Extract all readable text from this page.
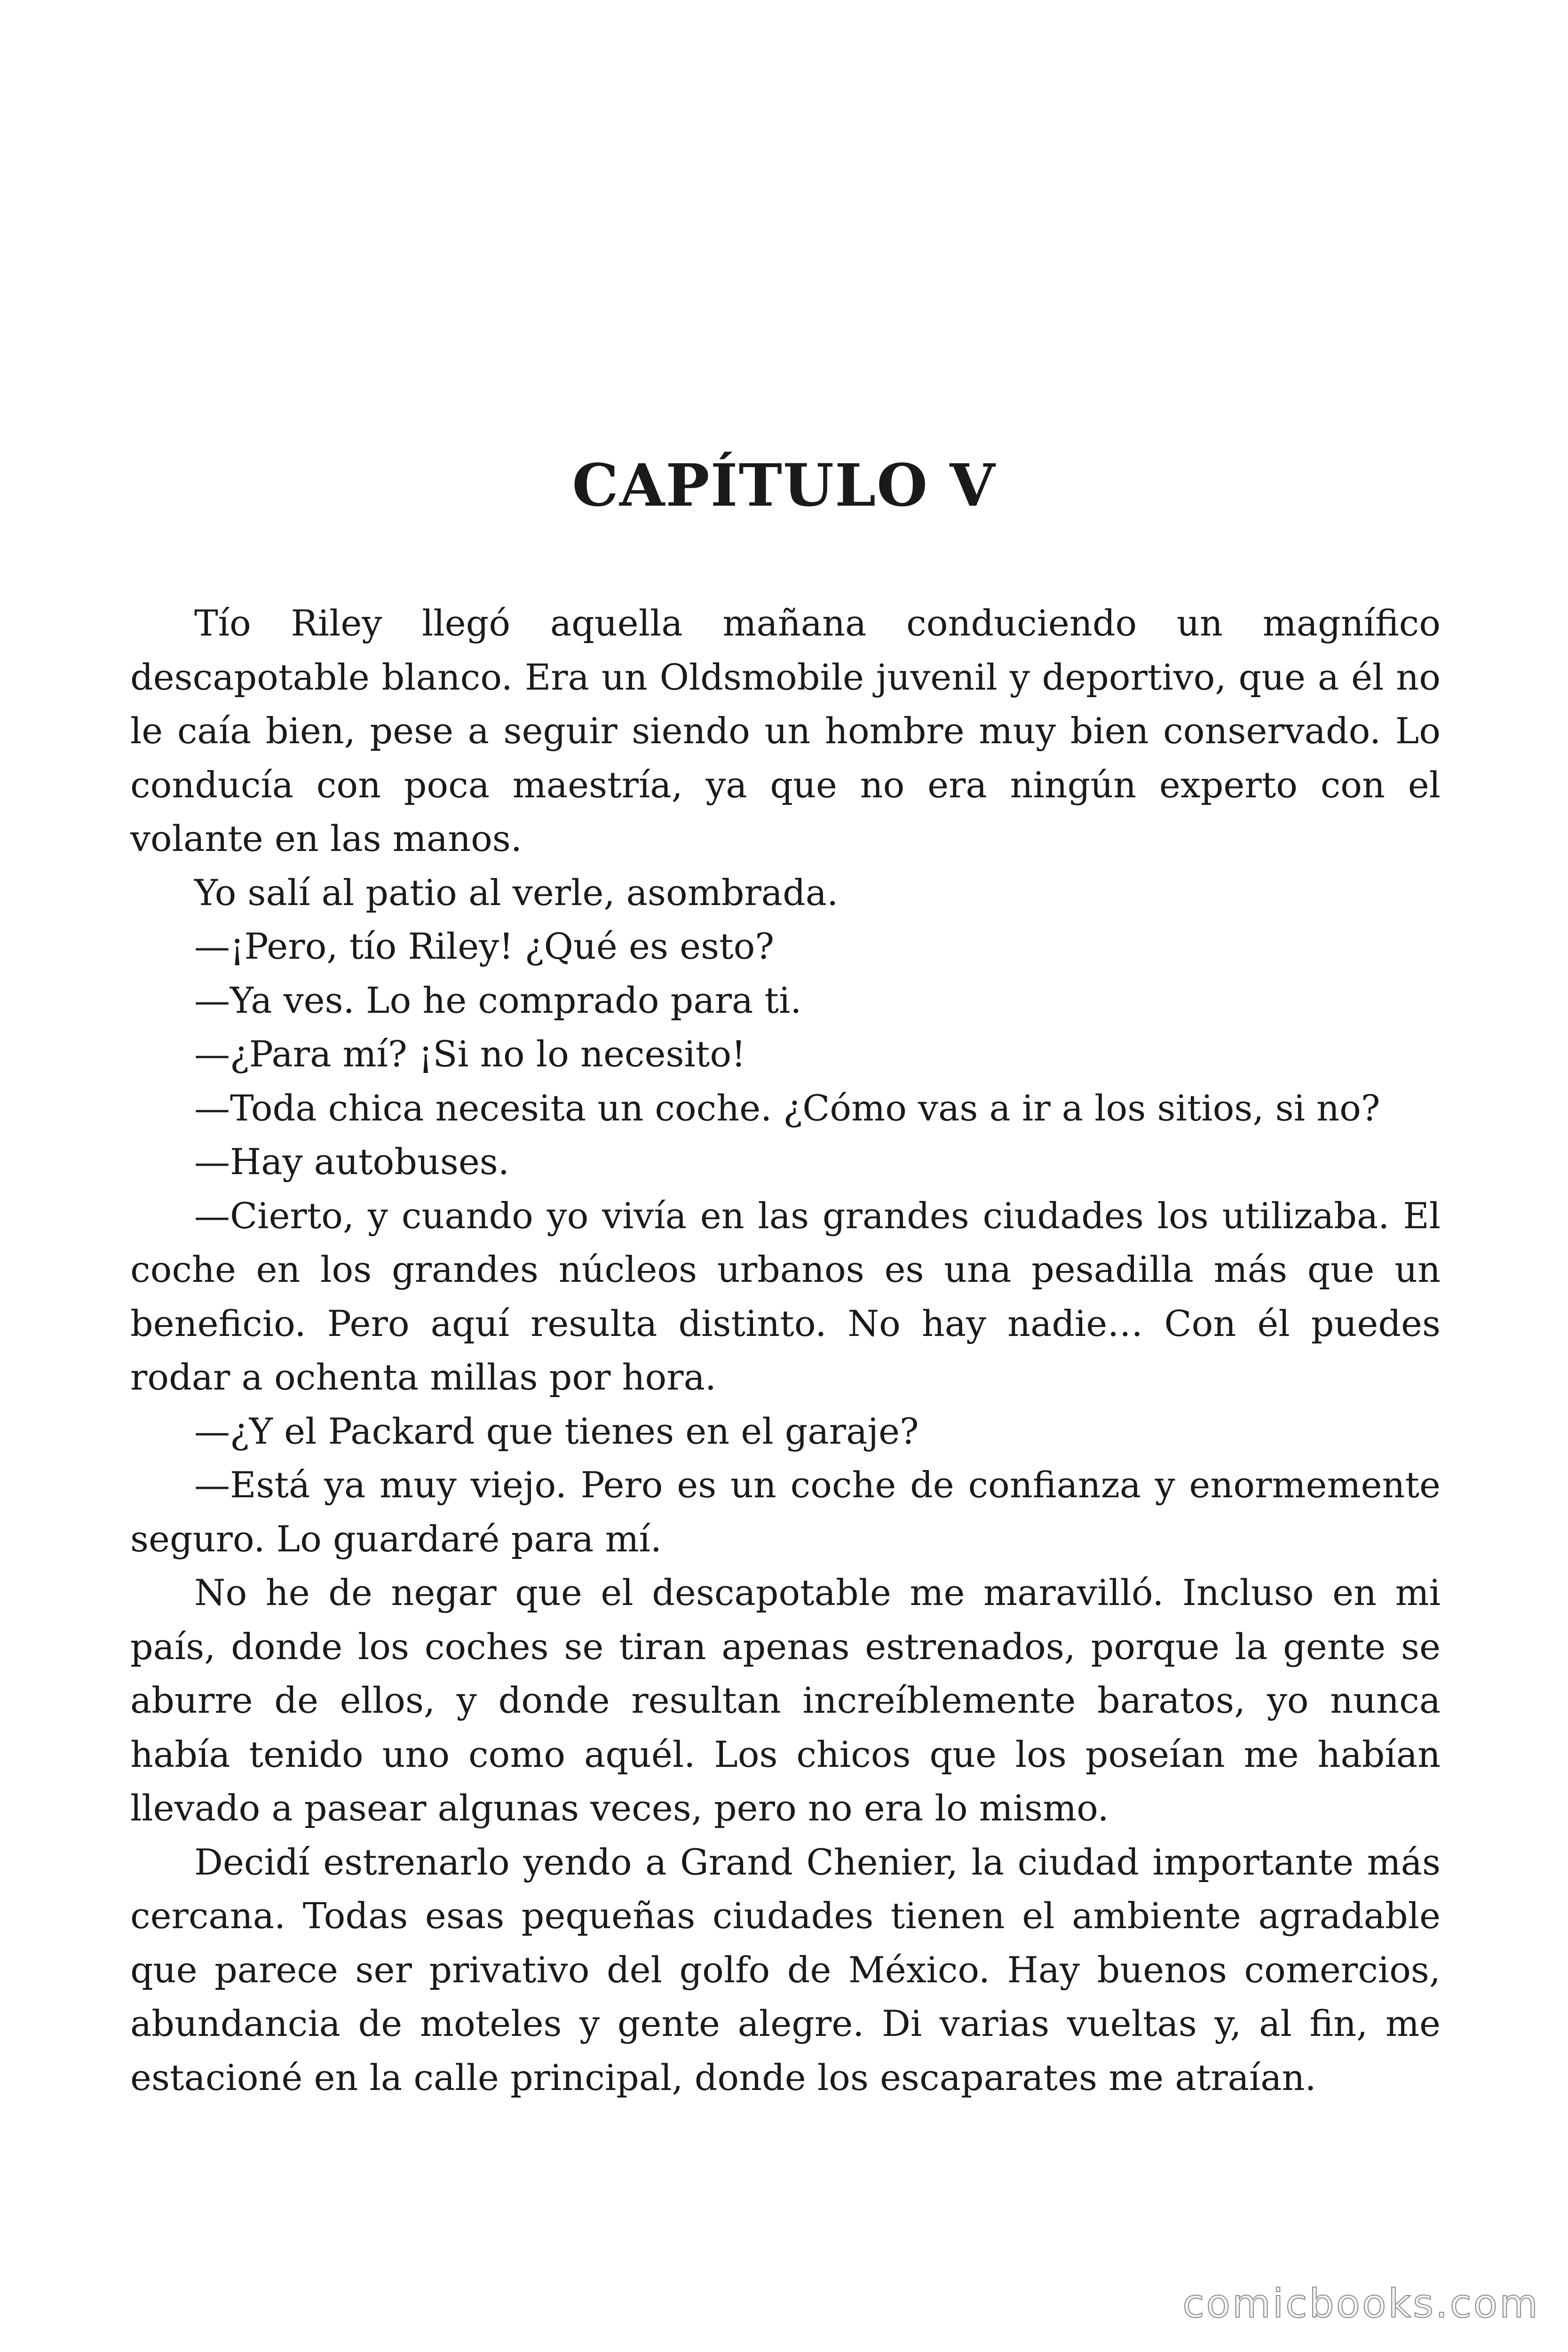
CAPÍTULO V

Tío Riley llegó aquella mañana conduciendo un magnífico descapotable blanco. Era un Oldsmobile juvenil y deportivo, que a él no le caía bien, pese a seguir siendo un hombre muy bien conservado. Lo conducía con poca maestría, ya que no era ningún experto con el volante en las manos.

Yo salí al patio al verle, asombrada.

—¡Pero, tío Riley! ¿Qué es esto?

—Ya ves. Lo he comprado para ti.

—¿Para mí? ¡Si no lo necesito!

—Toda chica necesita un coche. ¿Cómo vas a ir a los sitios, si no?

—Hay autobuses.

—Cierto, y cuando yo vivía en las grandes ciudades los utilizaba. El coche en los grandes núcleos urbanos es una pesadilla más que un beneficio. Pero aquí resulta distinto. No hay nadie… Con él puedes rodar a ochenta millas por hora.

—¿Y el Packard que tienes en el garaje?

—Está ya muy viejo. Pero es un coche de confianza y enormemente seguro. Lo guardaré para mí.

No he de negar que el descapotable me maravilló. Incluso en mi país, donde los coches se tiran apenas estrenados, porque la gente se aburre de ellos, y donde resultan increíblemente baratos, yo nunca había tenido uno como aquél. Los chicos que los poseían me habían llevado a pasear algunas veces, pero no era lo mismo.

Decidí estrenarlo yendo a Grand Chenier, la ciudad importante más cercana. Todas esas pequeñas ciudades tienen el ambiente agradable que parece ser privativo del golfo de México. Hay buenos comercios, abundancia de moteles y gente alegre. Di varias vueltas y, al fin, me estacioné en la calle principal, donde los escaparates me atraían.

comicbooks.com
